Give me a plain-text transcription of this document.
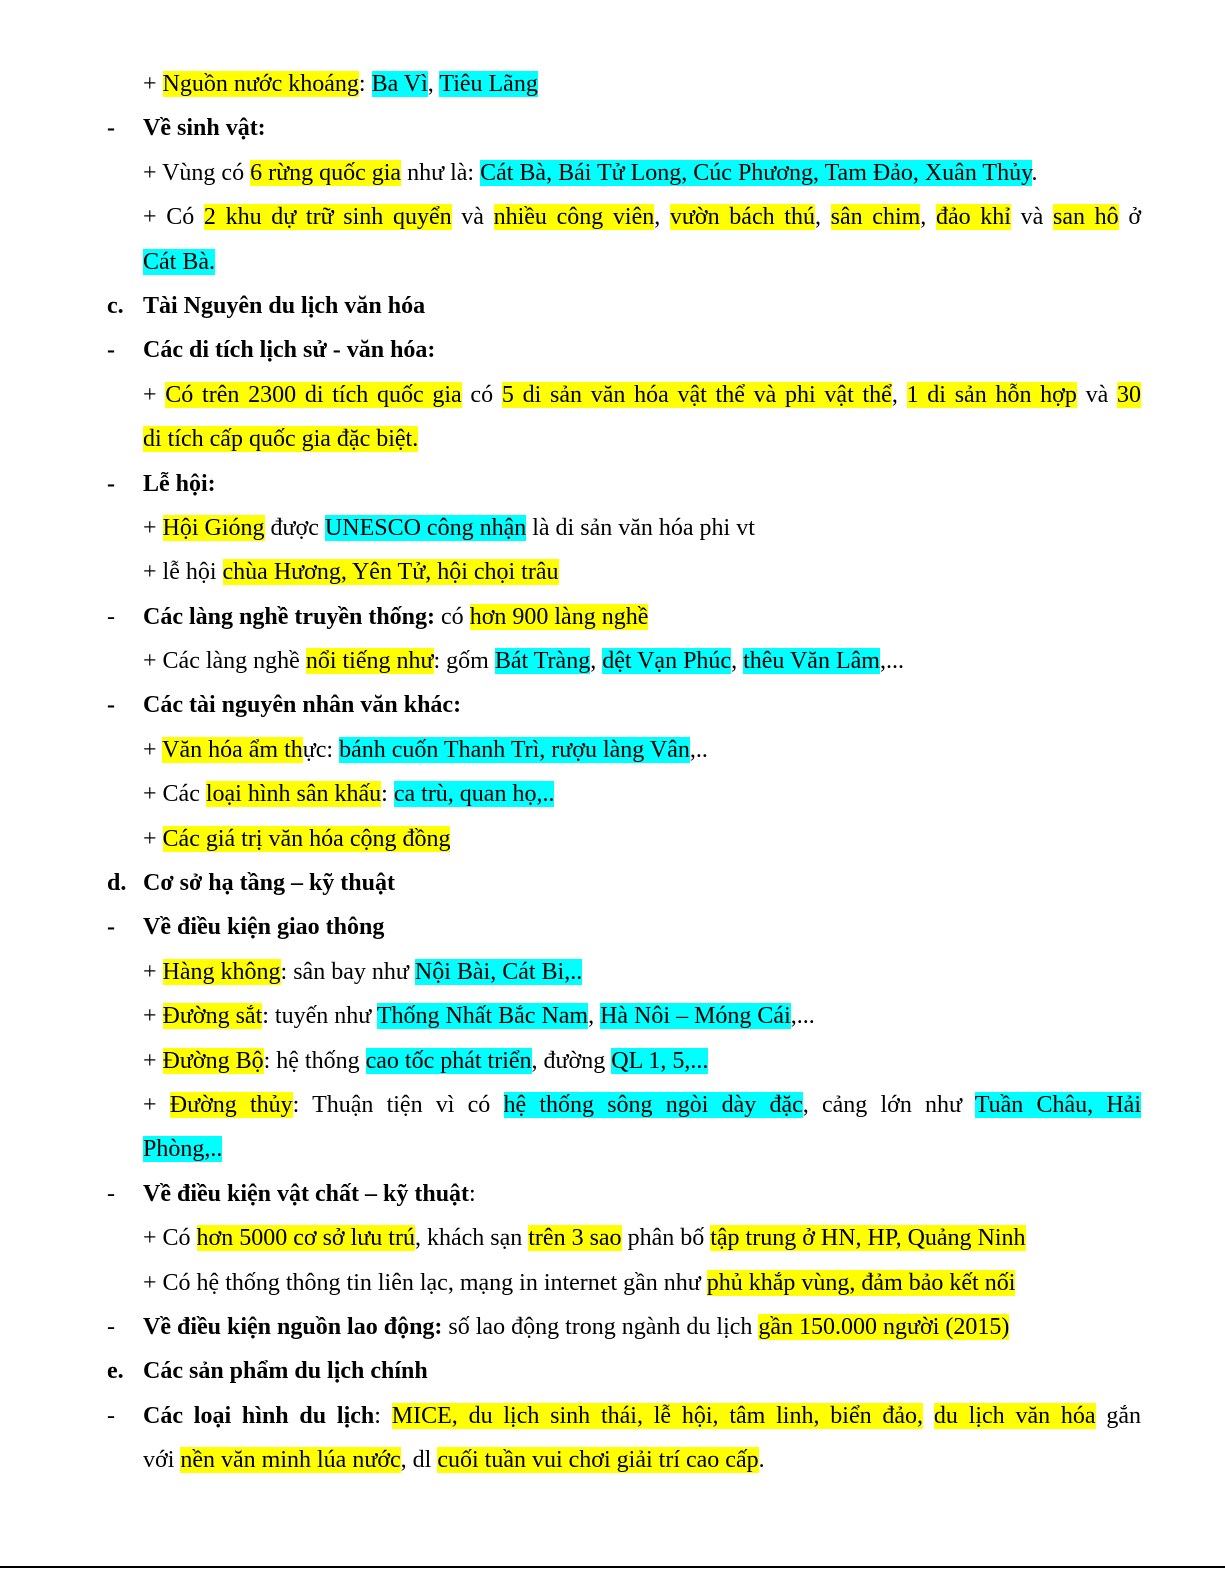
+ Nguồn nước khoáng: Ba Vì, Tiêu Lãng
- Về sinh vật:
+ Vùng có 6 rừng quốc gia như là: Cát Bà, Bái Tử Long, Cúc Phương, Tam Đảo, Xuân Thủy.
+ Có 2 khu dự trữ sinh quyển và nhiều công viên, vườn bách thú, sân chim, đảo khỉ và san hô ở
Cát Bà.
c. Tài Nguyên du lịch văn hóa
- Các di tích lịch sử - văn hóa:
+ Có trên 2300 di tích quốc gia có 5 di sản văn hóa vật thể và phi vật thể, 1 di sản hỗn hợp và 30
di tích cấp quốc gia đặc biệt.
- Lễ hội:
+ Hội Gióng được UNESCO công nhận là di sản văn hóa phi vt
+ lễ hội chùa Hương, Yên Tử, hội chọi trâu
- Các làng nghề truyền thống: có hơn 900 làng nghề
+ Các làng nghề nổi tiếng như: gốm Bát Tràng, dệt Vạn Phúc, thêu Văn Lâm,...
- Các tài nguyên nhân văn khác:
+ Văn hóa ẩm thực: bánh cuốn Thanh Trì, rượu làng Vân,..
+ Các loại hình sân khấu: ca trù, quan họ,..
+ Các giá trị văn hóa cộng đồng
d. Cơ sở hạ tầng – kỹ thuật
- Về điều kiện giao thông
+ Hàng không: sân bay như Nội Bài, Cát Bi,..
+ Đường sắt: tuyến như Thống Nhất Bắc Nam, Hà Nôi – Móng Cái,...
+ Đường Bộ: hệ thống cao tốc phát triển, đường QL 1, 5,...
+ Đường thủy: Thuận tiện vì có hệ thống sông ngòi dày đặc, cảng lớn như Tuần Châu, Hải
Phòng,..
- Về điều kiện vật chất – kỹ thuật:
+ Có hơn 5000 cơ sở lưu trú, khách sạn trên 3 sao phân bố tập trung ở HN, HP, Quảng Ninh
+ Có hệ thống thông tin liên lạc, mạng in internet gần như phủ khắp vùng, đảm bảo kết nối
- Về điều kiện nguồn lao động: số lao động trong ngành du lịch gần 150.000 người (2015)
e. Các sản phẩm du lịch chính
- Các loại hình du lịch: MICE, du lịch sinh thái, lễ hội, tâm linh, biển đảo, du lịch văn hóa gắn
với nền văn minh lúa nước, dl cuối tuần vui chơi giải trí cao cấp.
